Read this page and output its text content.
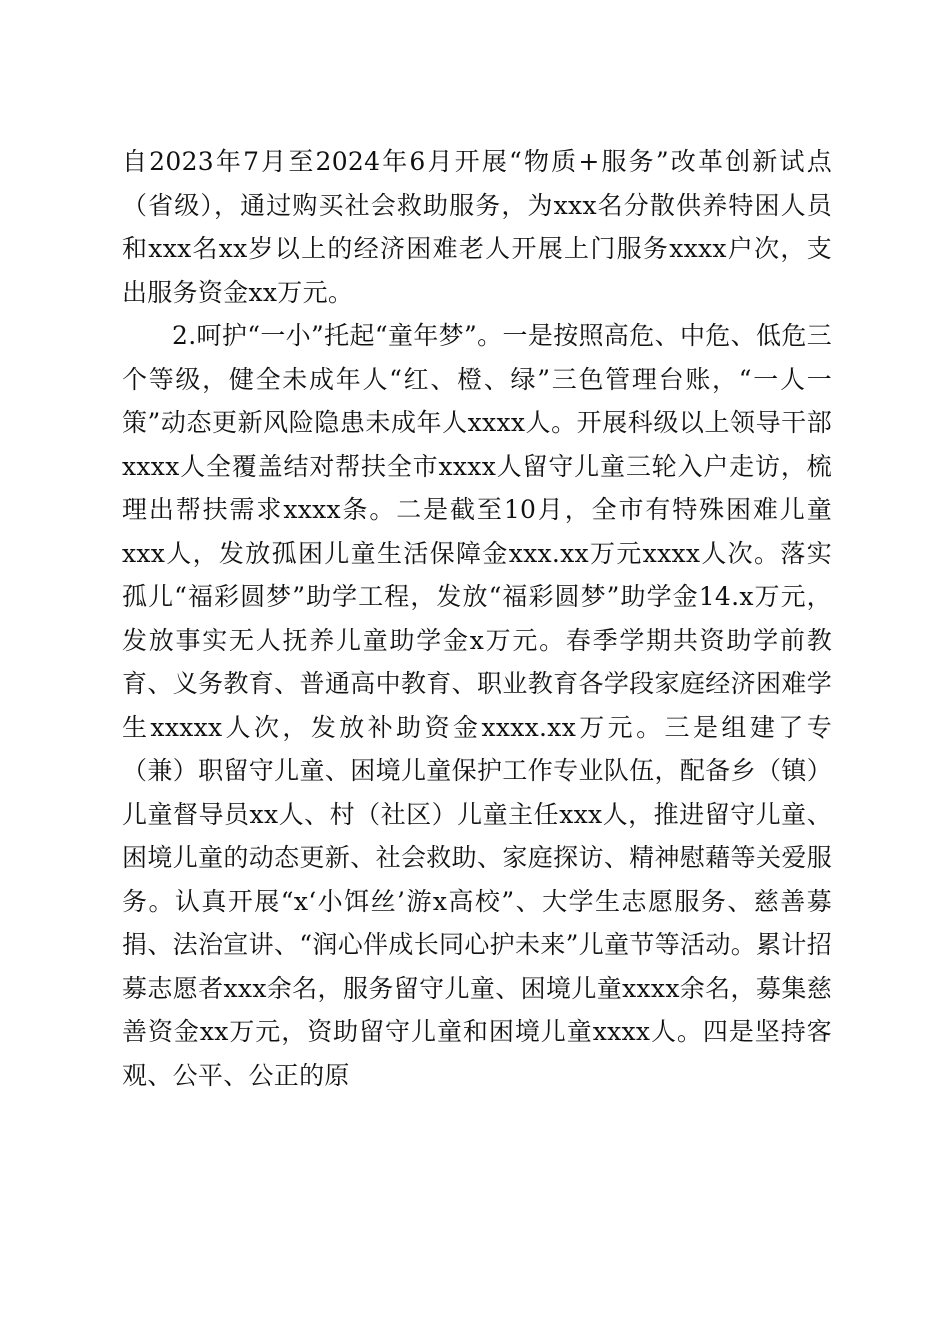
自2023年7月至2024年6月开展“物质+服务”改革创新试点（省级），通过购买社会救助服务，为xxx名分散供养特困人员和xxx名xx岁以上的经济困难老人开展上门服务xxxx户次，支出服务资金xx万元。

2.呵护“一小”托起“童年梦”。一是按照高危、中危、低危三个等级，健全未成年人“红、橙、绿”三色管理台账，“一人一策”动态更新风险隐患未成年人xxxx人。开展科级以上领导干部xxxx人全覆盖结对帮扶全市xxxx人留守儿童三轮入户走访，梳理出帮扶需求xxxx条。二是截至10月，全市有特殊困难儿童xxx人，发放孤困儿童生活保障金xxx.xx万元xxxx人次。落实孤儿“福彩圆梦”助学工程，发放“福彩圆梦”助学金14.x万元，发放事实无人抚养儿童助学金x万元。春季学期共资助学前教育、义务教育、普通高中教育、职业教育各学段家庭经济困难学生xxxxx人次，发放补助资金xxxx.xx万元。三是组建了专（兼）职留守儿童、困境儿童保护工作专业队伍，配备乡（镇）儿童督导员xx人、村（社区）儿童主任xxx人，推进留守儿童、困境儿童的动态更新、社会救助、家庭探访、精神慰藉等关爱服务。认真开展“x‘小饵丝’游x高校”、大学生志愿服务、慈善募捐、法治宣讲、“润心伴成长同心护未来”儿童节等活动。累计招募志愿者xxx余名，服务留守儿童、困境儿童xxxx余名，募集慈善资金xx万元，资助留守儿童和困境儿童xxxx人。四是坚持客观、公平、公正的原
